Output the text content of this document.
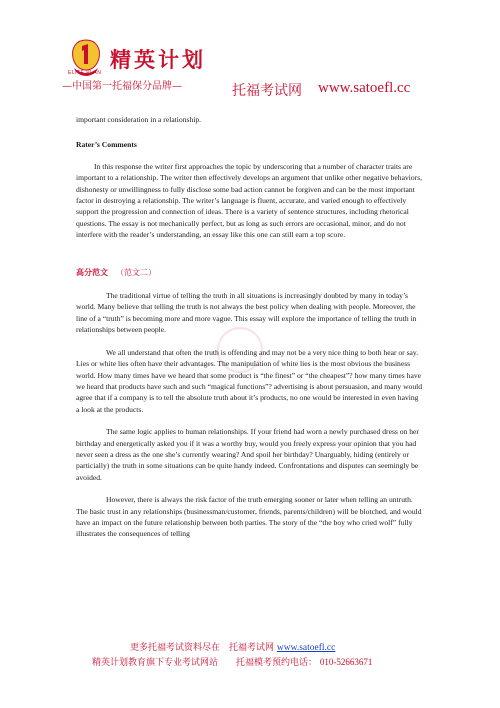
精英计划
ELITE PLAN
—中国第一托福保分品牌—	托福考试网 www.satoefl.cc

important consideration in a relationship.

Rater’s Comments

In this response the writer first approaches the topic by underscoring that a number of character traits are important to a relationship. The writer then effectively develops an argument that unlike other negative behaviors, dishonesty or unwillingness to fully disclose some bad action cannot be forgiven and can be the most important factor in destroying a relationship. The writer’s language is fluent, accurate, and varied enough to effectively support the progression and connection of ideas. There is a variety of sentence structures, including rhetorical questions. The essay is not mechanically perfect, but as long as such errors are occasional, minor, and do not interfere with the reader’s understanding, an essay like this one can still earn a top score.

高分范文 （范文二）

The traditional virtue of telling the truth in all situations is increasingly doubted by many in today’s world. Many believe that telling the truth is not always the best policy when dealing with people. Moreover, the line of a “truth” is becoming more and more vague. This essay will explore the importance of telling the truth in relationships between people.

We all understand that often the truth is offending and may not be a very nice thing to both hear or say. Lies or white lies often have their advantages. The manipulation of white lies is the most obvious the business world. How many times have we heard that some product is “the finest” or “the cheapest”? how many times have we heard that products have such and such “magical functions”? advertising is about persuasion, and many would agree that if a company is to tell the absolute truth about it’s products, no one would be interested in even having a look at the products.

The same logic applies to human relationships. If your friend had worn a newly purchased dress on her birthday and energetically asked you if it was a worthy buy, would you freely express your opinion that you had never seen a dress as the one she’s currently wearing? And spoil her birthday? Unarguably, hiding (entirely or particially) the truth in some situations can be quite handy indeed. Confrontations and disputes can seemingly be avoided.

However, there is always the risk factor of the truth emerging sooner or later when telling an untruth. The basic trust in any relationships (businessman/customer, friends, parents/children) will be blotched, and would have an impact on the future relationship between both parties. The story of the “the boy who cried wolf” fully illustrates the consequences of telling

更多托福考试资料尽在　托福考试网 www.satoefl.cc
精英计划教育旗下专业考试网站　　托福模考预约电话： 010-52663671
